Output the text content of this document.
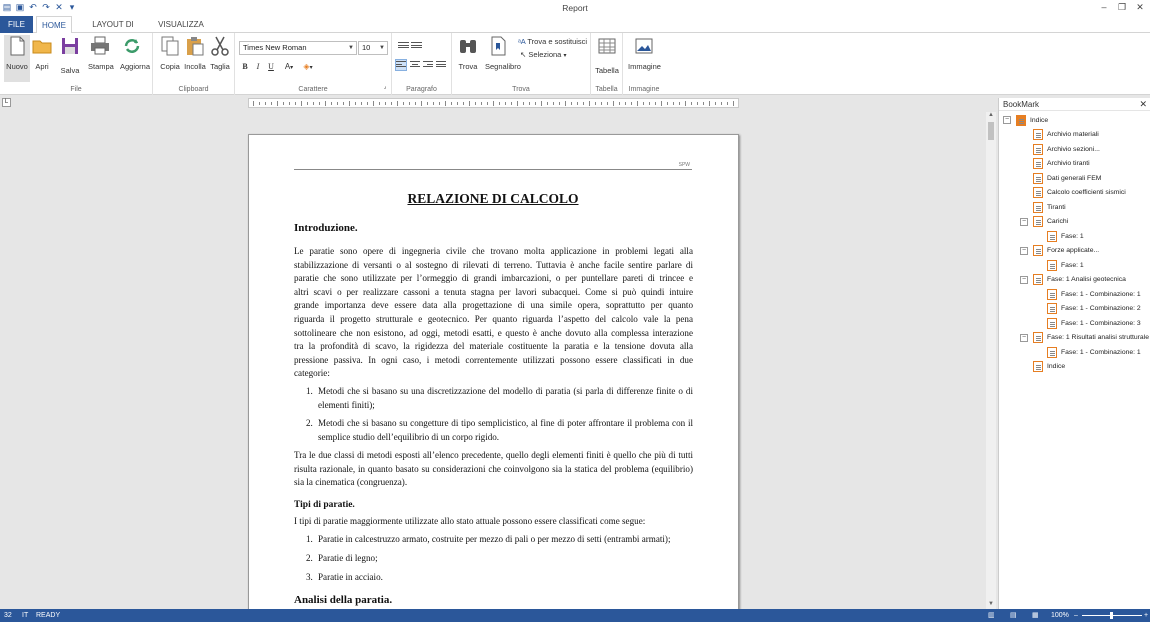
▤ ▣ ↶ ↷ ✕ ▾	Report	–	❐ ✕
FILE	HOME	LAYOUT DI	VISUALIZZA
Nuovo Apri	Salva	Stampa Aggiorna
File
Copia Incolla Taglia
Clipboard
Times New Roman	▼	10 ▼
B	I	U	A▾	◈▾
⌟
Carattere	Paragrafo
Trova Segnalibro
ᵃA Trova e sostituisci
↖ Seleziona ▾
Trova
Tabella
Tabella
Immagine
Immagine
L
SPW
RELAZIONE DI CALCOLO
Introduzione.
Le paratie sono opere di ingegneria civile che trovano molta applicazione in problemi legati alla
stabilizzazione di versanti o al sostegno di rilevati di terreno. Tuttavia è anche facile sentire parlare di
paratie che sono utilizzate per l’ormeggio di grandi imbarcazioni, o per puntellare pareti di trincee e
altri scavi o per realizzare cassoni a tenuta stagna per lavori subacquei. Come si può quindi intuire
grande importanza deve essere data alla progettazione di una simile opera, soprattutto per quanto
riguarda il progetto strutturale e geotecnico. Per quanto riguarda l’aspetto del calcolo vale la pena
sottolineare che non esistono, ad oggi, metodi esatti, e questo è anche dovuto alla complessa interazione
tra la profondità di scavo, la rigidezza del materiale costituente la paratia e la tensione dovuta alla
pressione passiva. In ogni caso, i metodi correntemente utilizzati possono essere classificati in due
categorie:
1. Metodi che si basano su una discretizzazione del modello di paratia (si parla di differenze finite o di elementi finiti);
2. Metodi che si basano su congetture di tipo semplicistico, al fine di poter affrontare il problema con il semplice studio dell’equilibrio di un corpo rigido.
Tra le due classi di metodi esposti all’elenco precedente, quello degli elementi finiti è quello che più di tutti risulta razionale, in quanto basato su considerazioni che coinvolgono sia la statica del problema (equilibrio) sia la cinematica (congruenza).
Tipi di paratie.
I tipi di paratie maggiormente utilizzate allo stato attuale possono essere classificati come segue:
1. Paratie in calcestruzzo armato, costruite per mezzo di pali o per mezzo di setti (entrambi armati);
2. Paratie di legno;
3. Paratie in acciaio.
Analisi della paratia.
▲
▼
BookMark	✕
−	Indice
Archivio materiali
Archivio sezioni...
Archivio tiranti
Dati generali FEM
Calcolo coefficienti sismici
Tiranti
−	Carichi
Fase: 1
−	Forze applicate...
Fase: 1
−	Fase: 1 Analisi geotecnica
Fase: 1 - Combinazione: 1
Fase: 1 - Combinazione: 2
Fase: 1 - Combinazione: 3
−	Fase: 1 Risultati analisi strutturale
Fase: 1 - Combinazione: 1
Indice
32 IT READY	▥ ▤ ▦ 100% –	+
